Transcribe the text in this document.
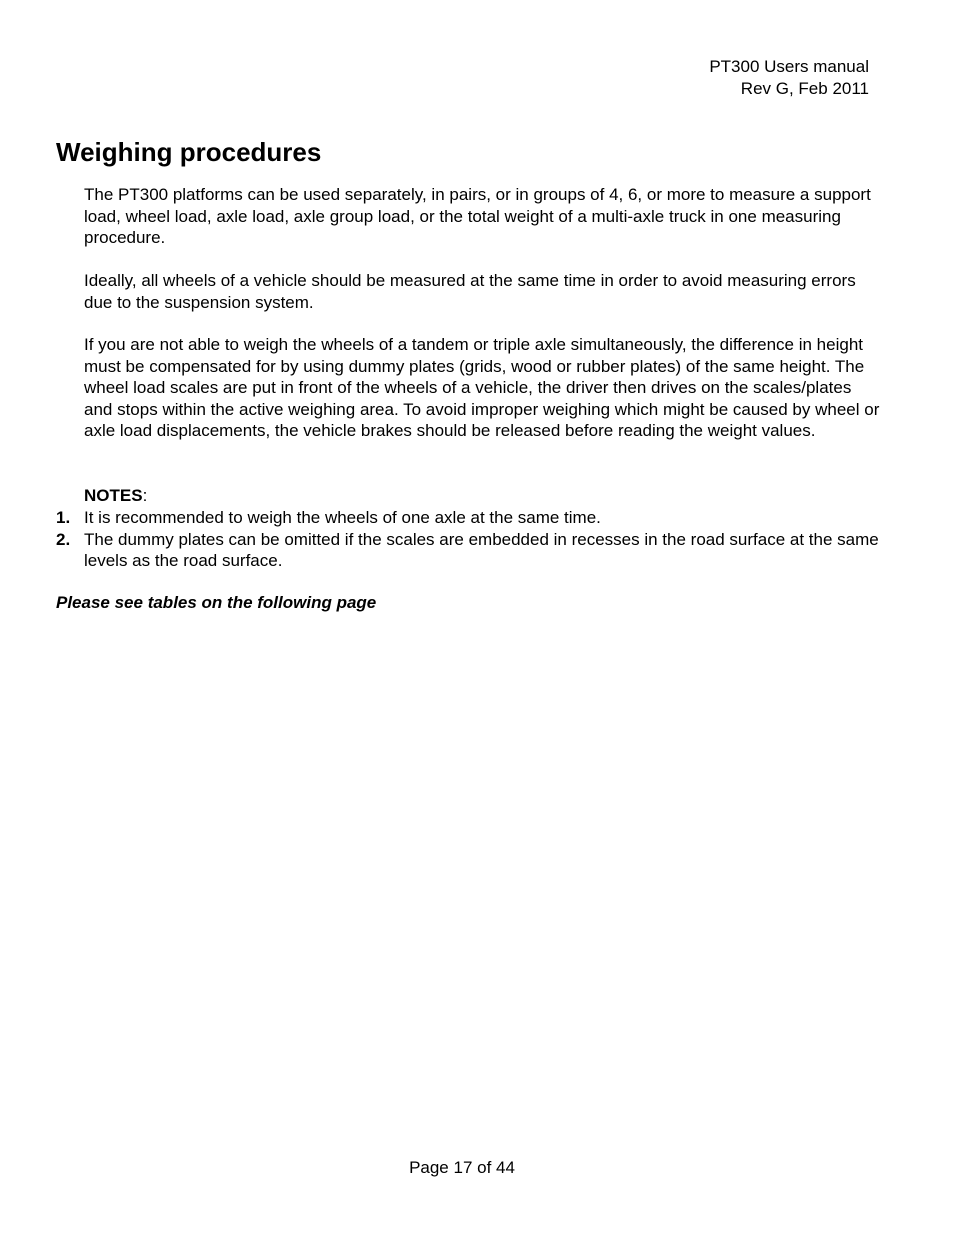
PT300 Users manual
Rev G, Feb 2011
Weighing procedures

The PT300 platforms can be used separately, in pairs, or in groups of 4, 6, or more to measure a support load, wheel load, axle load, axle group load, or the total weight of a multi-axle truck in one measuring procedure.

Ideally, all wheels of a vehicle should be measured at the same time in order to avoid measuring errors due to the suspension system.

If you are not able to weigh the wheels of a tandem or triple axle simultaneously, the difference in height must be compensated for by using dummy plates (grids, wood or rubber plates) of the same height. The wheel load scales are put in front of the wheels of a vehicle, the driver then drives on the scales/plates and stops within the active weighing area. To avoid improper weighing which might be caused by wheel or axle load displacements, the vehicle brakes should be released before reading the weight values.

NOTES:
1. It is recommended to weigh the wheels of one axle at the same time.
2. The dummy plates can be omitted if the scales are embedded in recesses in the road surface at the same levels as the road surface.
Please see tables on the following page
Page 17 of 44
